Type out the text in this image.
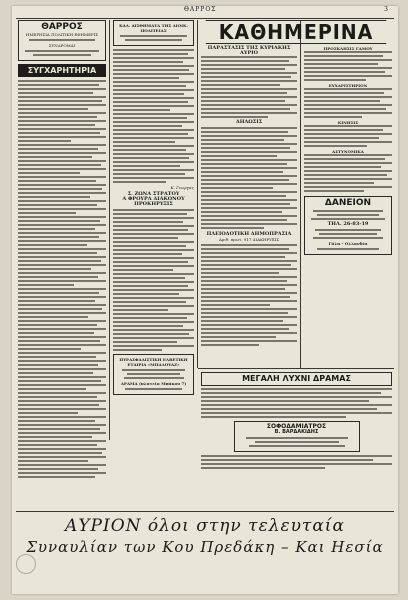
ΘΑΡΡΟΣ	3
ΘΑΡΡΟΣ
ΗΜΕΡΗΣΙΑ ΠΟΛΙΤΙΚΗ ΕΦΗΜΕΡΙΣ
ΣΥΝΔΡΟΜΑΙ
ΣΥΓΧΑΡΗΤΗΡΙΑ
ΚΑΛ. ΑΙΣΘΗΜΑΤΑ ΤΗΣ ΔΙΟΙΚ. ΠΟΛΙΤΕΙΑΣ
Κ. Γεωργας
Σ. ΖΩΝΑ ΣΤΡΑΤΟΥ
Α ΦΡΟΥΡΑ ΔΙΑΚΟΝΟΥ ΠΡΟΚΗΡΥΞΙΣ
ΠΥΡΑΣΦΑΛΙΣΤΙΚΗ ΕΛΒΕΤΙΚΗ ΕΤΑΙΡΙΑ «ΜΠΑΛΟΥΑΖ»
ΔΡΑΜΑ (πλατεία Μπάκου 7)
ΚΑΘΗΜΕΡΙΝΑ
ΠΑΡΑΣΤΑΣΙΣ ΤΗΣ ΚΥΡΙΑΚΗΣ ΑΥΡΙΟ
ΔΗΛΩΣΙΣ
ΠΛΕΙΟΔΟΤΙΚΗ ΔΗΜΟΠΡΑΣΙΑ
Αριθ. πρωτ. 917 ΔΙΑΚΗΡΥΞΙΣ
ΠΡΟΣΚΛΗΣΙΣ ΓΑΜΟΥ
ΕΥΧΑΡΙΣΤΗΡΙΟΝ
ΚΙΝΗΣΙΣ
ΑΣΤΥΝΟΜΙΚΑ
ΔΑΝΕΙΟΝ
ΤΗΛ. 26-83-19
Γάλα - Ολλανδία
ΜΕΓΑΛΗ ΛΥΧΝΙ ΔΡΑΜΑΣ
ΣΟΦΟΔΑΜΙΑΤΡΟΣ
Β. ΒΑΡΔΑΚΙΔΗΣ
ΑΥΡΙΟΝ όλοι στην τελευταία
Συναυλίαν των Κου Πρεδάκη – Και Ηεσία
